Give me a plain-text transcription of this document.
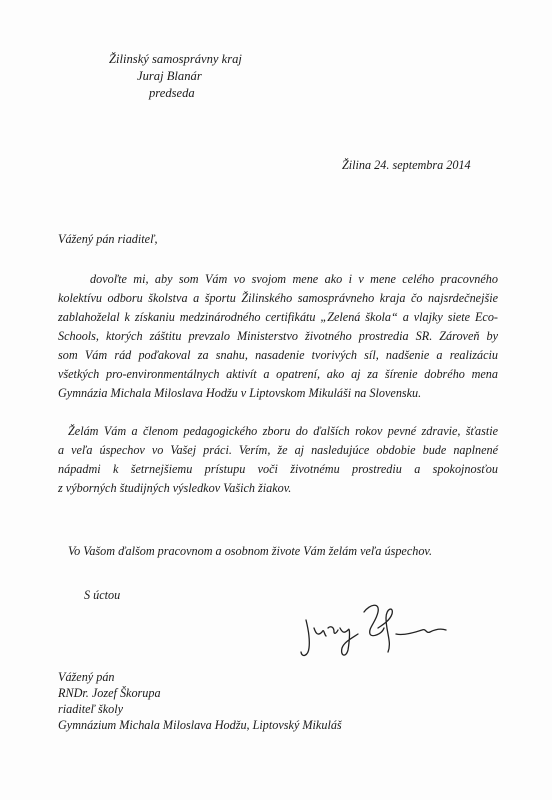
Žilinský samosprávny kraj
Juraj Blanár
predseda
Žilina 24. septembra 2014
Vážený pán riaditeľ,
dovoľte mi, aby som Vám vo svojom mene ako i v mene celého pracovného
kolektívu odboru školstva a športu Žilinského samosprávneho kraja čo najsrdečnejšie
zablahoželal k získaniu medzinárodného certifikátu „Zelená škola“ a vlajky siete Eco-
Schools, ktorých záštitu prevzalo Ministerstvo životného prostredia SR. Zároveň by
som Vám rád poďakoval za snahu, nasadenie tvorivých síl, nadšenie a realizáciu
všetkých pro-environmentálnych aktivít a opatrení, ako aj za šírenie dobrého mena
Gymnázia Michala Miloslava Hodžu v Liptovskom Mikuláši na Slovensku.
Želám Vám a členom pedagogického zboru do ďalších rokov pevné zdravie, šťastie
a veľa úspechov vo Vašej práci. Verím, že aj nasledujúce obdobie bude naplnené
nápadmi k šetrnejšiemu prístupu voči životnému prostrediu a spokojnosťou
z výborných študijných výsledkov Vašich žiakov.
Vo Vašom ďalšom pracovnom a osobnom živote Vám želám veľa úspechov.
S úctou
Vážený pán
RNDr. Jozef Škorupa
riaditeľ školy
Gymnázium Michala Miloslava Hodžu, Liptovský Mikuláš
